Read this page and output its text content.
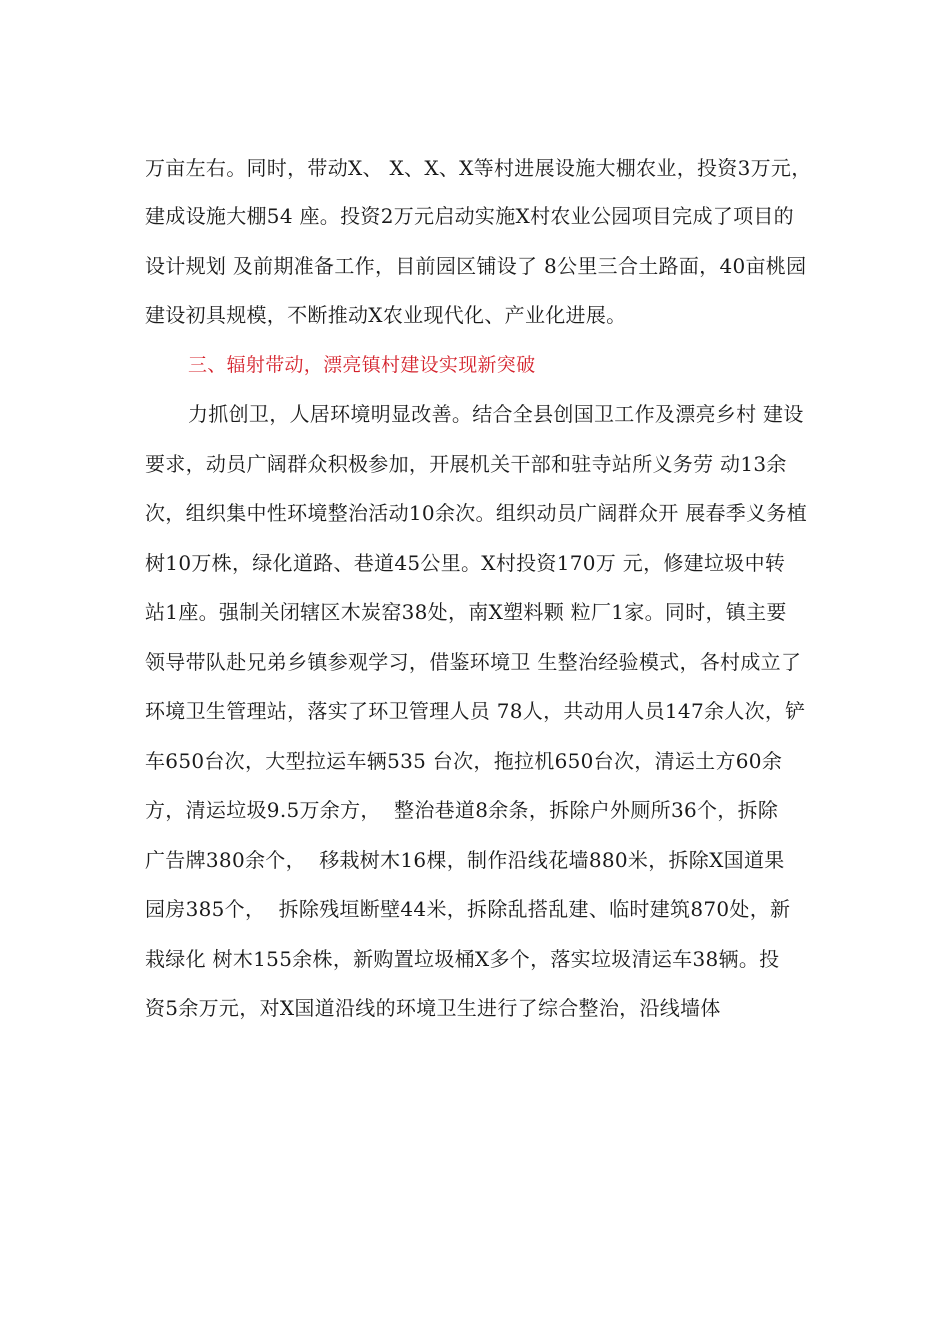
万亩左右。同时，带动X、 X、X、X等村进展设施大棚农业，投资3万元，
建成设施大棚54 座。投资2万元启动实施X村农业公园项目完成了项目的
设计规划 及前期准备工作，目前园区铺设了 8公里三合土路面，40亩桃园
建设初具规模，不断推动X农业现代化、产业化进展。
三、辐射带动，漂亮镇村建设实现新突破
力抓创卫，人居环境明显改善。结合全县创国卫工作及漂亮乡村 建设
要求，动员广阔群众积极参加，开展机关干部和驻寺站所义务劳 动13余
次，组织集中性环境整治活动10余次。组织动员广阔群众开 展春季义务植
树10万株，绿化道路、巷道45公里。X村投资170万 元，修建垃圾中转
站1座。强制关闭辖区木炭窑38处，南X塑料颗 粒厂1家。同时，镇主要
领导带队赴兄弟乡镇参观学习，借鉴环境卫 生整治经验模式，各村成立了
环境卫生管理站，落实了环卫管理人员 78人，共动用人员147余人次，铲
车650台次，大型拉运车辆535 台次，拖拉机650台次，清运土方60余
方，清运垃圾9.5万余方，  整治巷道8余条，拆除户外厕所36个，拆除
广告牌380余个，  移栽树木16棵，制作沿线花墙880米，拆除X国道果
园房385个，  拆除残垣断壁44米，拆除乱搭乱建、临时建筑870处，新
栽绿化 树木155余株，新购置垃圾桶X多个，落实垃圾清运车38辆。投
资5余万元，对X国道沿线的环境卫生进行了综合整治，沿线墙体
